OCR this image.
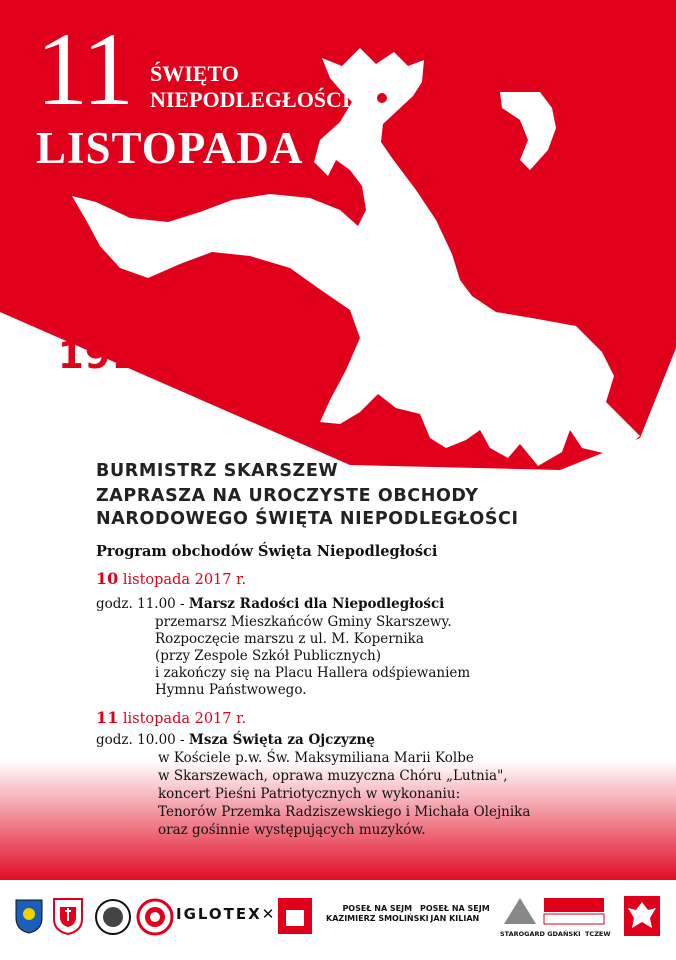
11 ŚWIĘTO
NIEPODLEGŁOŚCI
LISTOPADA
1918 - 2017
BURMISTRZ SKARSZEW
ZAPRASZA NA UROCZYSTE OBCHODY
NARODOWEGO ŚWIĘTA NIEPODLEGŁOŚCI
Program obchodów Święta Niepodległości
10 listopada 2017 r.
godz. 11.00 - Marsz Radości dla Niepodległości
przemarsz Mieszkańców Gminy Skarszewy.
Rozpoczęcie marszu z ul. M. Kopernika
(przy Zespole Szkół Publicznych)
i zakończy się na Placu Hallera odśpiewaniem
Hymnu Państwowego.
11 listopada 2017 r.
godz. 10.00 - Msza Święta za Ojczyznę
w Kościele p.w. Św. Maksymiliana Marii Kolbe
w Skarszewach, oprawa muzyczna Chóru „Lutnia",
koncert Pieśni Patriotycznych w wykonaniu:
Tenorów Przemka Radziszewskiego i Michała Olejnika
oraz gośinnie występujących muzyków.
IGLOTEX✕	POSEŁ NA SEJM
KAZIMIERZ SMOLIŃSKI
POSEŁ NA SEJM
JAN KILIAN
STAROGARD GDAŃSKI TCZEW
